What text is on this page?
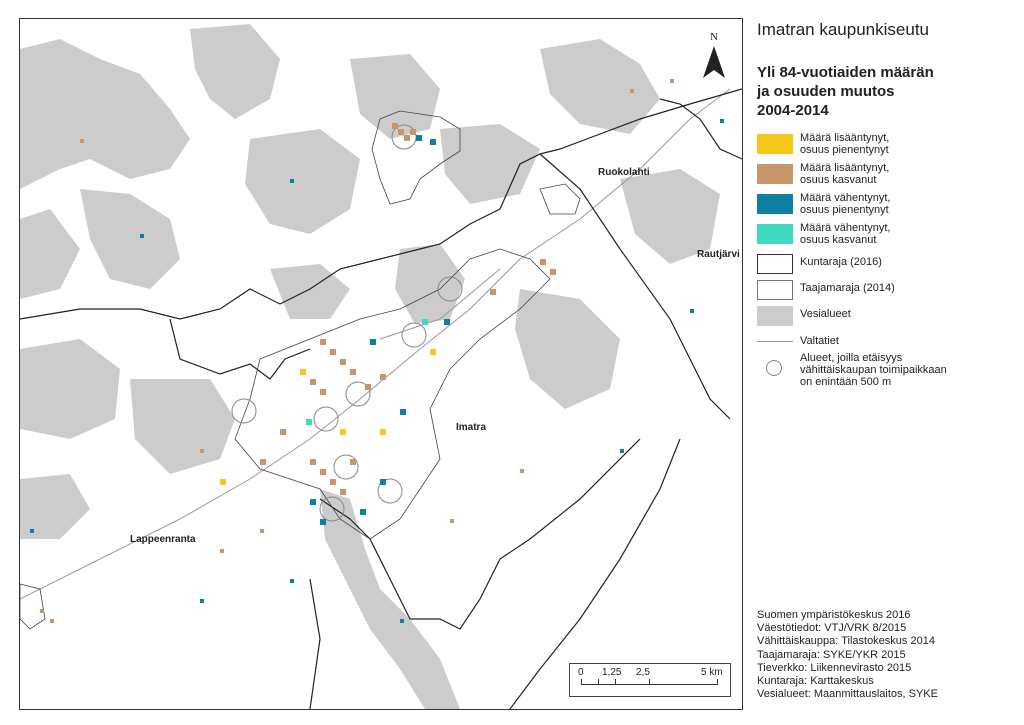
Ruokolahti
Rautjärvi
Imatra
Lappeenranta
N Imatran kaupunkiseutu
Yli 84-vuotiaiden määrän
ja osuuden muutos
2004-2014
Määrä lisääntynyt,
osuus pienentynyt
Määrä lisääntynyt,
osuus kasvanut
Määrä vähentynyt,
osuus pienentynyt
Määrä vähentynyt,
osuus kasvanut
Kuntaraja (2016)
Taajamaraja (2014)
Vesialueet
Valtatiet
Alueet, joilla etäisyys
vähittäiskaupan toimipaikkaan
on enintään 500 m
0 1,25 2,5	5 km
Suomen ympäristökeskus 2016
Väestötiedot: VTJ/VRK 8/2015
Vähittäiskauppa: Tilastokeskus 2014
Taajamaraja: SYKE/YKR 2015
Tieverkko: Liikennevirasto 2015
Kuntaraja: Karttakeskus
Vesialueet: Maanmittauslaitos, SYKE
